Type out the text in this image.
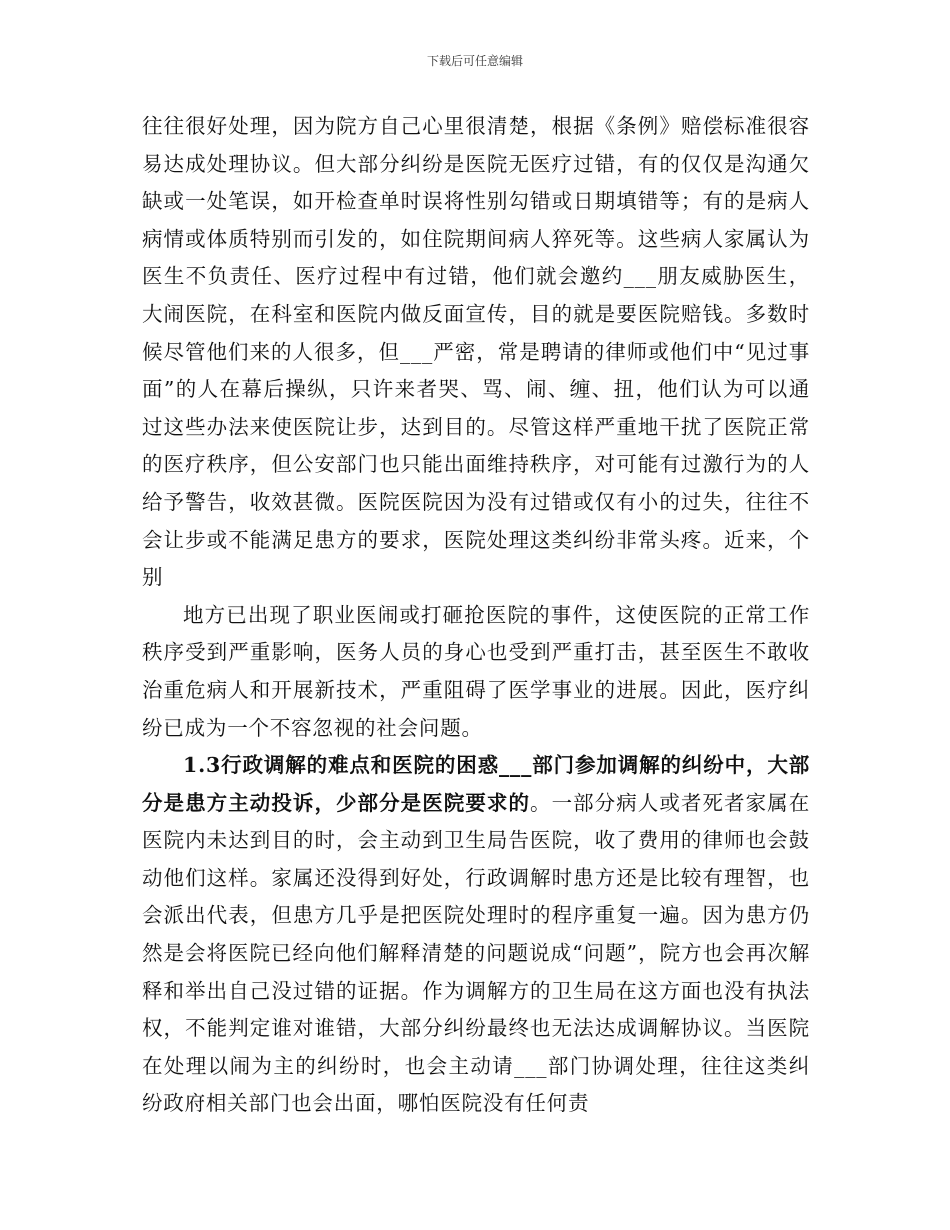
下载后可任意编辑

往往很好处理，因为院方自己心里很清楚，根据《条例》赔偿标准很容易达成处理协议。但大部分纠纷是医院无医疗过错，有的仅仅是沟通欠缺或一处笔误，如开检查单时误将性别勾错或日期填错等；有的是病人病情或体质特别而引发的，如住院期间病人猝死等。这些病人家属认为医生不负责任、医疗过程中有过错，他们就会邀约___朋友威胁医生，大闹医院，在科室和医院内做反面宣传，目的就是要医院赔钱。多数时候尽管他们来的人很多，但___严密，常是聘请的律师或他们中“见过事面”的人在幕后操纵，只许来者哭、骂、闹、缠、扭，他们认为可以通过这些办法来使医院让步，达到目的。尽管这样严重地干扰了医院正常的医疗秩序，但公安部门也只能出面维持秩序，对可能有过激行为的人给予警告，收效甚微。医院医院因为没有过错或仅有小的过失，往往不会让步或不能满足患方的要求，医院处理这类纠纷非常头疼。近来，个别

地方已出现了职业医闹或打砸抢医院的事件，这使医院的正常工作秩序受到严重影响，医务人员的身心也受到严重打击，甚至医生不敢收治重危病人和开展新技术，严重阻碍了医学事业的进展。因此，医疗纠纷已成为一个不容忽视的社会问题。

1.3行政调解的难点和医院的困惑___部门参加调解的纠纷中，大部分是患方主动投诉，少部分是医院要求的。一部分病人或者死者家属在医院内未达到目的时，会主动到卫生局告医院，收了费用的律师也会鼓动他们这样。家属还没得到好处，行政调解时患方还是比较有理智，也会派出代表，但患方几乎是把医院处理时的程序重复一遍。因为患方仍然是会将医院已经向他们解释清楚的问题说成“问题”，院方也会再次解释和举出自己没过错的证据。作为调解方的卫生局在这方面也没有执法权，不能判定谁对谁错，大部分纠纷最终也无法达成调解协议。当医院在处理以闹为主的纠纷时，也会主动请___部门协调处理，往往这类纠纷政府相关部门也会出面，哪怕医院没有任何责
